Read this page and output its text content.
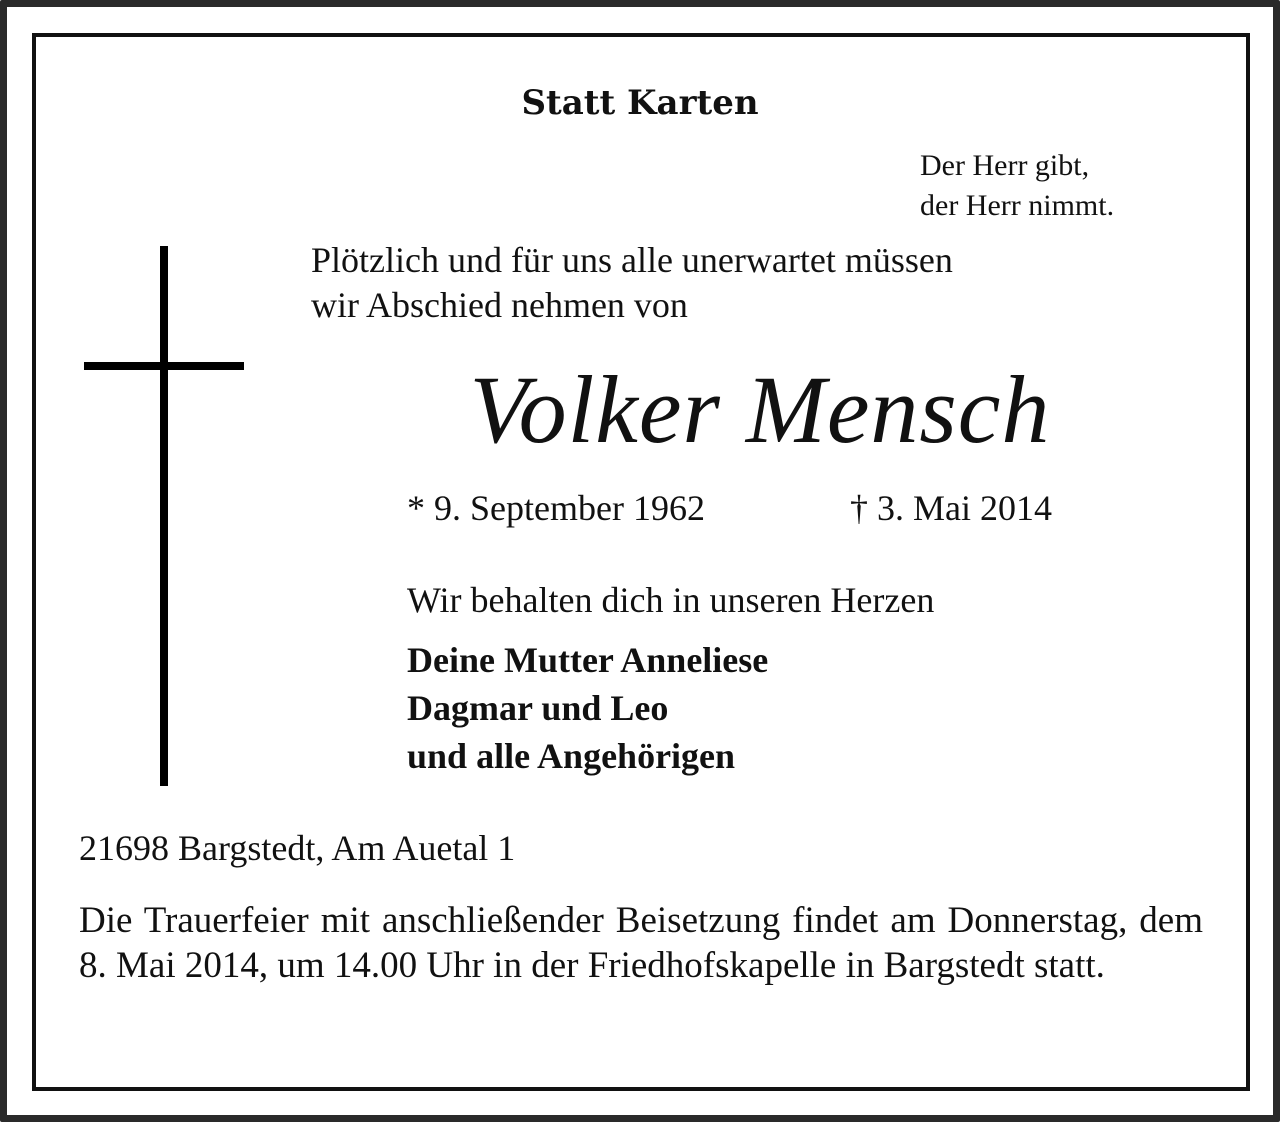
Statt Karten

Der Herr gibt,
der Herr nimmt.

Plötzlich und für uns alle unerwartet müssen
wir Abschied nehmen von

Volker Mensch

* 9. September 1962	† 3. Mai 2014

Wir behalten dich in unseren Herzen

Deine Mutter Anneliese

Dagmar und Leo

und alle Angehörigen

21698 Bargstedt, Am Auetal 1

Die Trauerfeier mit anschließender Beisetzung findet am Donnerstag, dem 8. Mai 2014, um 14.00 Uhr in der Friedhofskapelle in Bargstedt statt.
